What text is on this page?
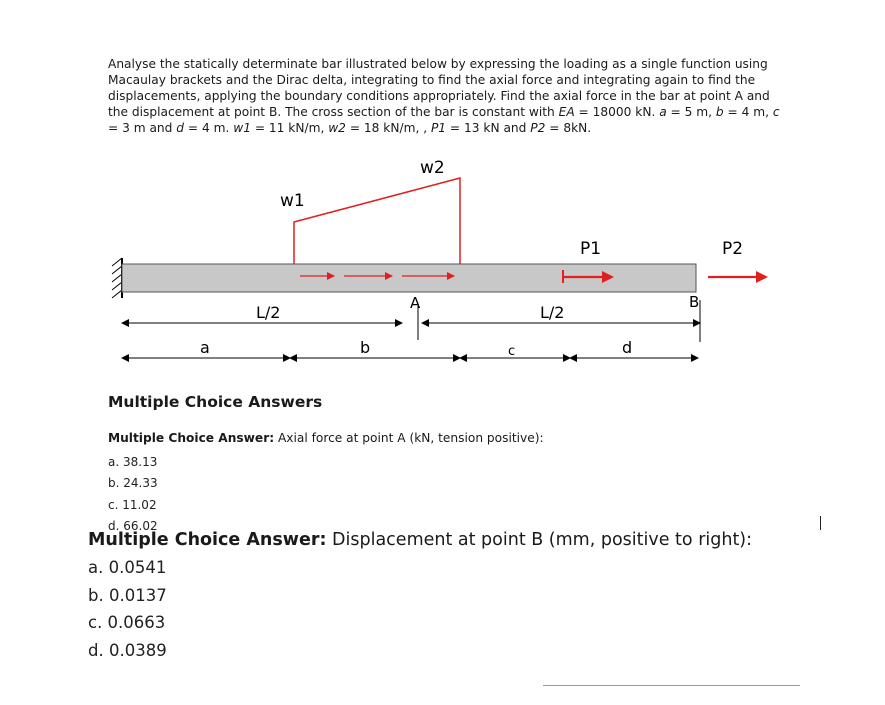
Analyse the statically determinate bar illustrated below by expressing the loading as a single function using Macaulay brackets and the Dirac delta, integrating to find the axial force and integrating again to find the displacements, applying the boundary conditions appropriately. Find the axial force in the bar at point A and the displacement at point B. The cross section of the bar is constant with EA = 18000 kN. a = 5 m, b = 4 m, c = 3 m and d = 4 m. w1 = 11 kN/m, w2 = 18 kN/m, , P1 = 13 kN and P2 = 8kN.
w1
w2
P1	P2
A	B
L/2	L/2
a	b	c	d
Multiple Choice Answers
Multiple Choice Answer: Axial force at point A (kN, tension positive):
a. 38.13
b. 24.33
c. 11.02
d. 66.02
Multiple Choice Answer: Displacement at point B (mm, positive to right):
a. 0.0541
b. 0.0137
c. 0.0663
d. 0.0389
